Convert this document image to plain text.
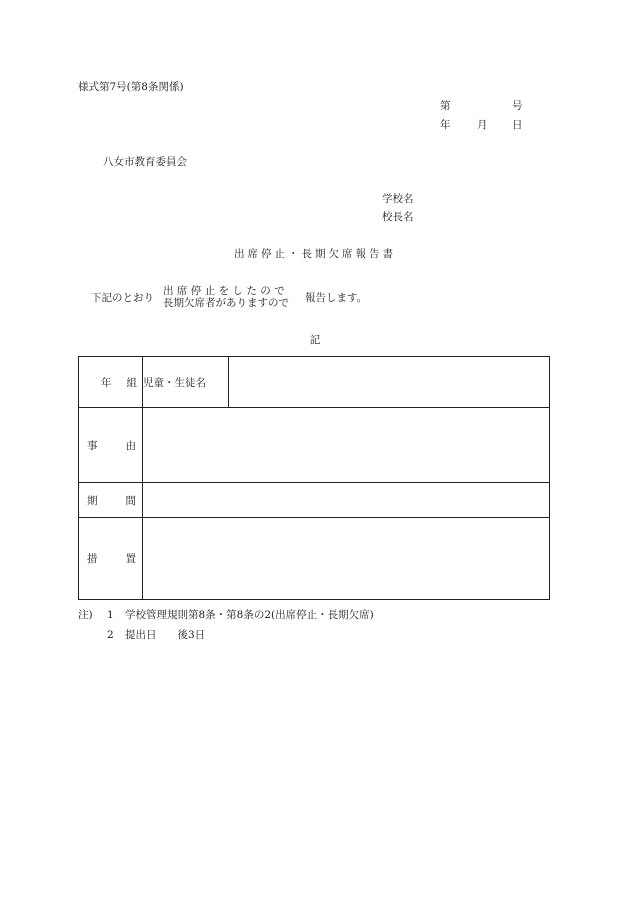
様式第7号(第8条関係)

第	号

年	月 日

八女市教育委員会

学校名

校長名

出席停止・長期欠席報告書

下記のとおり

出席停止をしたので

長期欠席者がありますので 報告します。

記

年 組	児童・生徒名	

事 由		

期 間		

措 置		

注) 1 学校管理規則第8条・第8条の2(出席停止・長期欠席)

2 提出日　　後3日
